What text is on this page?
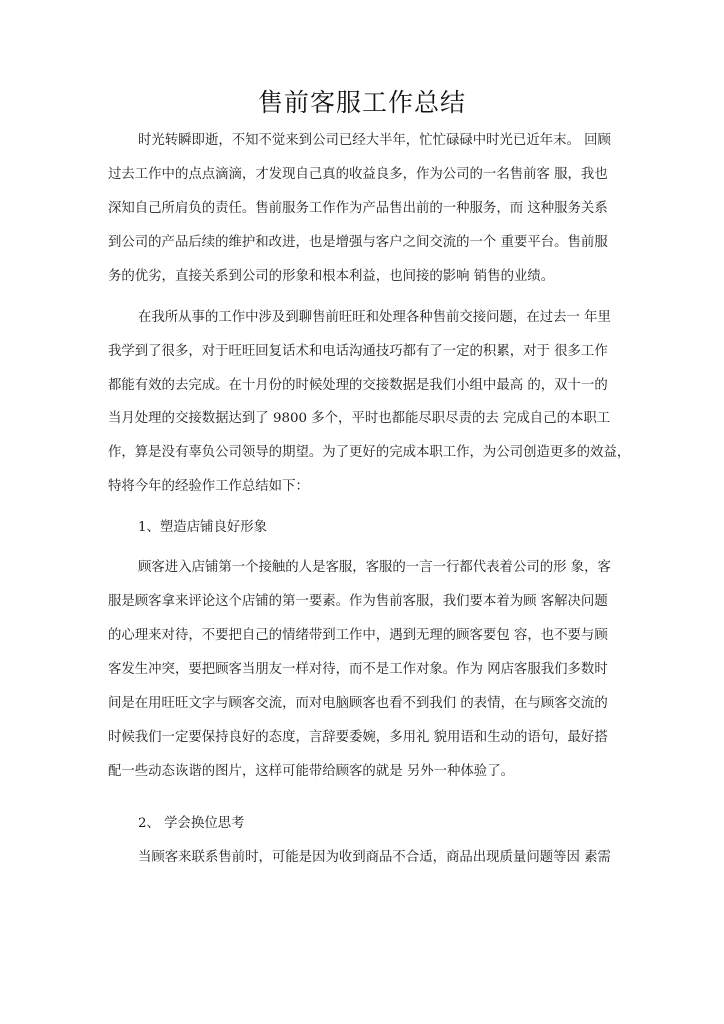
售前客服工作总结
时光转瞬即逝，不知不觉来到公司已经大半年，忙忙碌碌中时光已近年末。 回顾
过去工作中的点点滴滴，才发现自己真的收益良多，作为公司的一名售前客 服，我也
深知自己所肩负的责任。售前服务工作作为产品售出前的一种服务，而 这种服务关系
到公司的产品后续的维护和改进，也是增强与客户之间交流的一个 重要平台。售前服
务的优劣，直接关系到公司的形象和根本利益，也间接的影响 销售的业绩。
在我所从事的工作中涉及到聊售前旺旺和处理各种售前交接问题，在过去一 年里
我学到了很多，对于旺旺回复话术和电话沟通技巧都有了一定的积累，对于 很多工作
都能有效的去完成。在十月份的时候处理的交接数据是我们小组中最高 的，双十一的
当月处理的交接数据达到了 9800 多个，平时也都能尽职尽责的去 完成自己的本职工
作，算是没有辜负公司领导的期望。为了更好的完成本职工作，为公司创造更多的效益，
特将今年的经验作工作总结如下：
1、塑造店铺良好形象
顾客进入店铺第一个接触的人是客服，客服的一言一行都代表着公司的形 象，客
服是顾客拿来评论这个店铺的第一要素。作为售前客服，我们要本着为顾 客解决问题
的心理来对待，不要把自己的情绪带到工作中，遇到无理的顾客要包 容，也不要与顾
客发生冲突，要把顾客当朋友一样对待，而不是工作对象。作为 网店客服我们多数时
间是在用旺旺文字与顾客交流，而对电脑顾客也看不到我们 的表情，在与顾客交流的
时候我们一定要保持良好的态度，言辞要委婉，多用礼 貌用语和生动的语句，最好搭
配一些动态诙谐的图片，这样可能带给顾客的就是 另外一种体验了。
2、 学会换位思考
当顾客来联系售前时，可能是因为收到商品不合适，商品出现质量问题等因 素需
